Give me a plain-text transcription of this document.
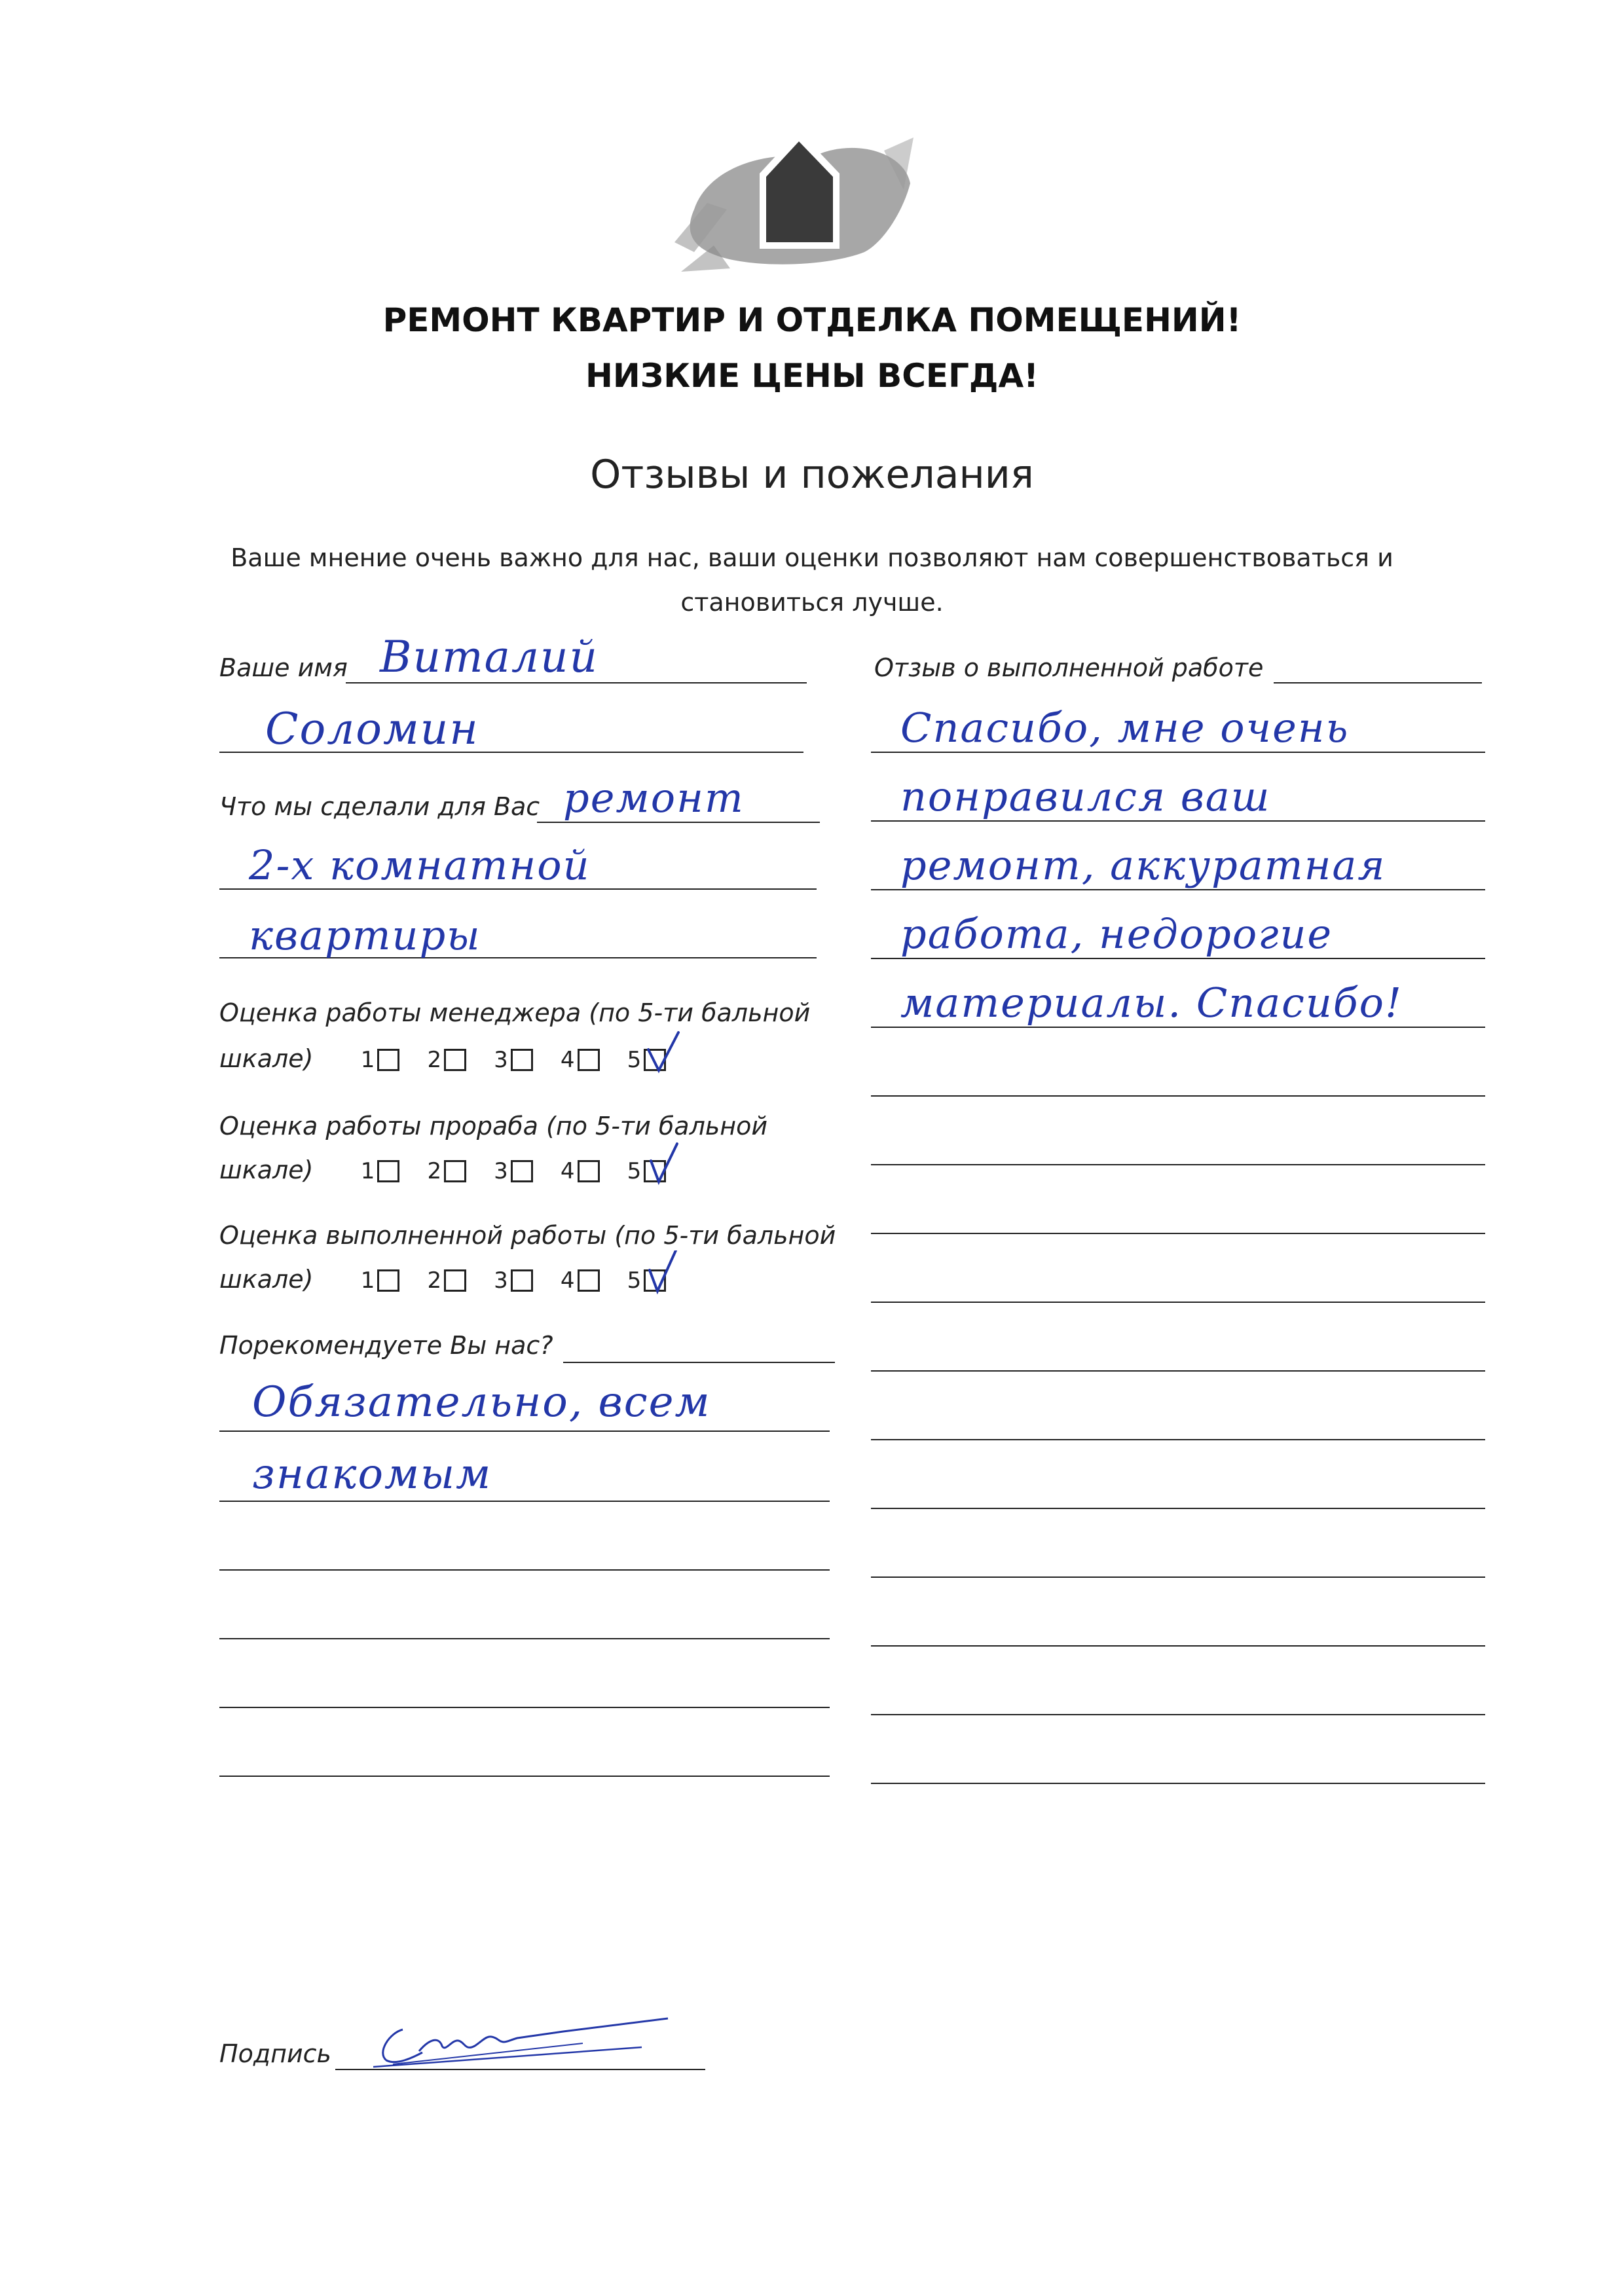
РЕМОНТ КВАРТИР И ОТДЕЛКА ПОМЕЩЕНИЙ!
НИЗКИЕ ЦЕНЫ ВСЕГДА!
Отзывы и пожелания
Ваше мнение очень важно для нас, ваши оценки позволяют нам совершенствоваться и
становиться лучше.
Ваше имя Виталий
Соломин
Что мы сделали для Вас ремонт
2-х комнатной
квартиры
Оценка работы менеджера (по 5-ти бальной
шкале) 1 2 3 4 5
Оценка работы прораба (по 5-ти бальной
шкале) 1 2 3 4 5
Оценка выполненной работы (по 5-ти бальной
шкале) 1 2 3 4 5
Порекомендуете Вы нас?
Обязательно, всем
знакомым
Отзыв о выполненной работе
Спасибо, мне очень
понравился ваш
ремонт, аккуратная
работа, недорогие
материалы. Спасибо!
Подпись
